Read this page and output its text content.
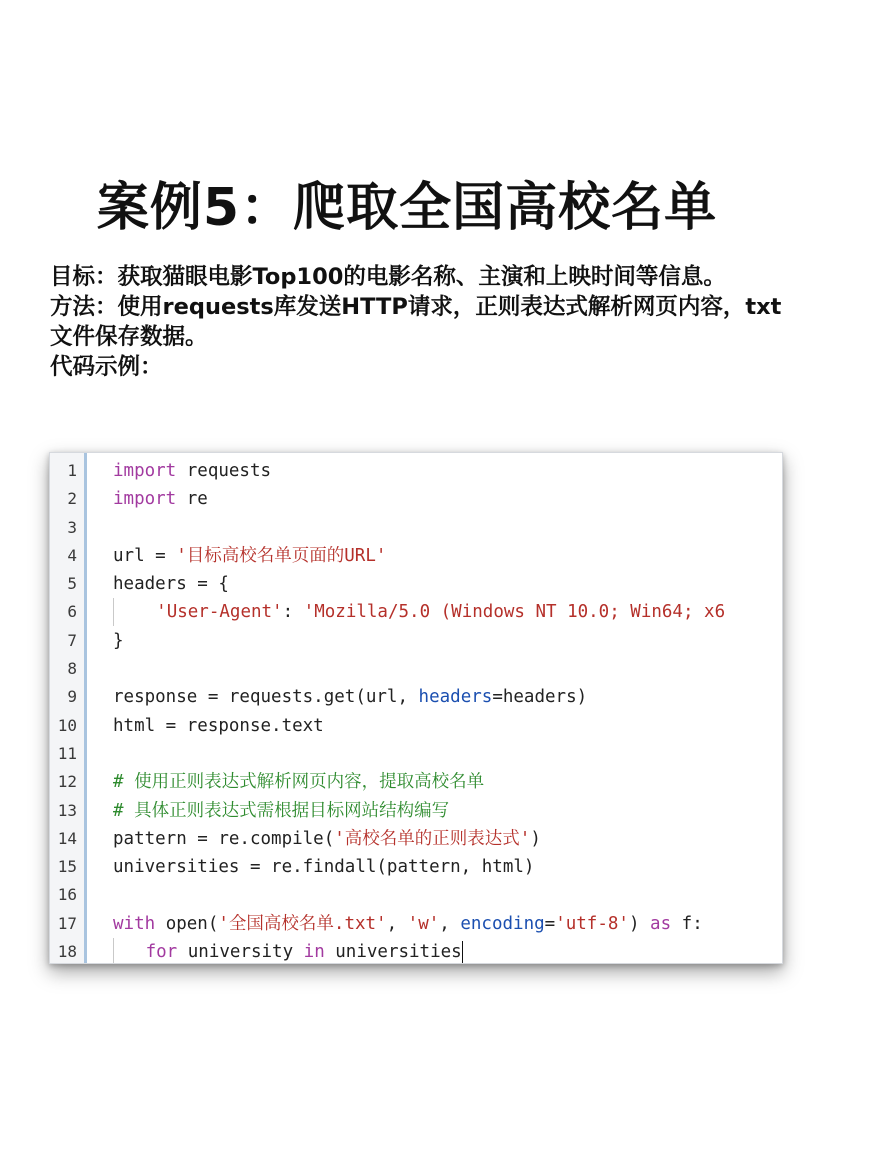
案例5：爬取全国高校名单

目标：获取猫眼电影Top100的电影名称、主演和上映时间等信息。

方法：使用requests库发送HTTP请求，正则表达式解析网页内容，txt文件保存数据。

代码示例：

1

import requests

2

import re

3

4

url = '目标高校名单页面的URL'

5

headers = {

6

	'User-Agent': 'Mozilla/5.0 (Windows NT 10.0; Win64; x6

7

}

8

9

response = requests.get(url, headers=headers)

10

html = response.text

11

12

# 使用正则表达式解析网页内容，提取高校名单

13

# 具体正则表达式需根据目标网站结构编写

14

pattern = re.compile('高校名单的正则表达式')

15

universities = re.findall(pattern, html)

16

17

with open('全国高校名单.txt', 'w', encoding='utf-8') as f:

18

	for university in universities
